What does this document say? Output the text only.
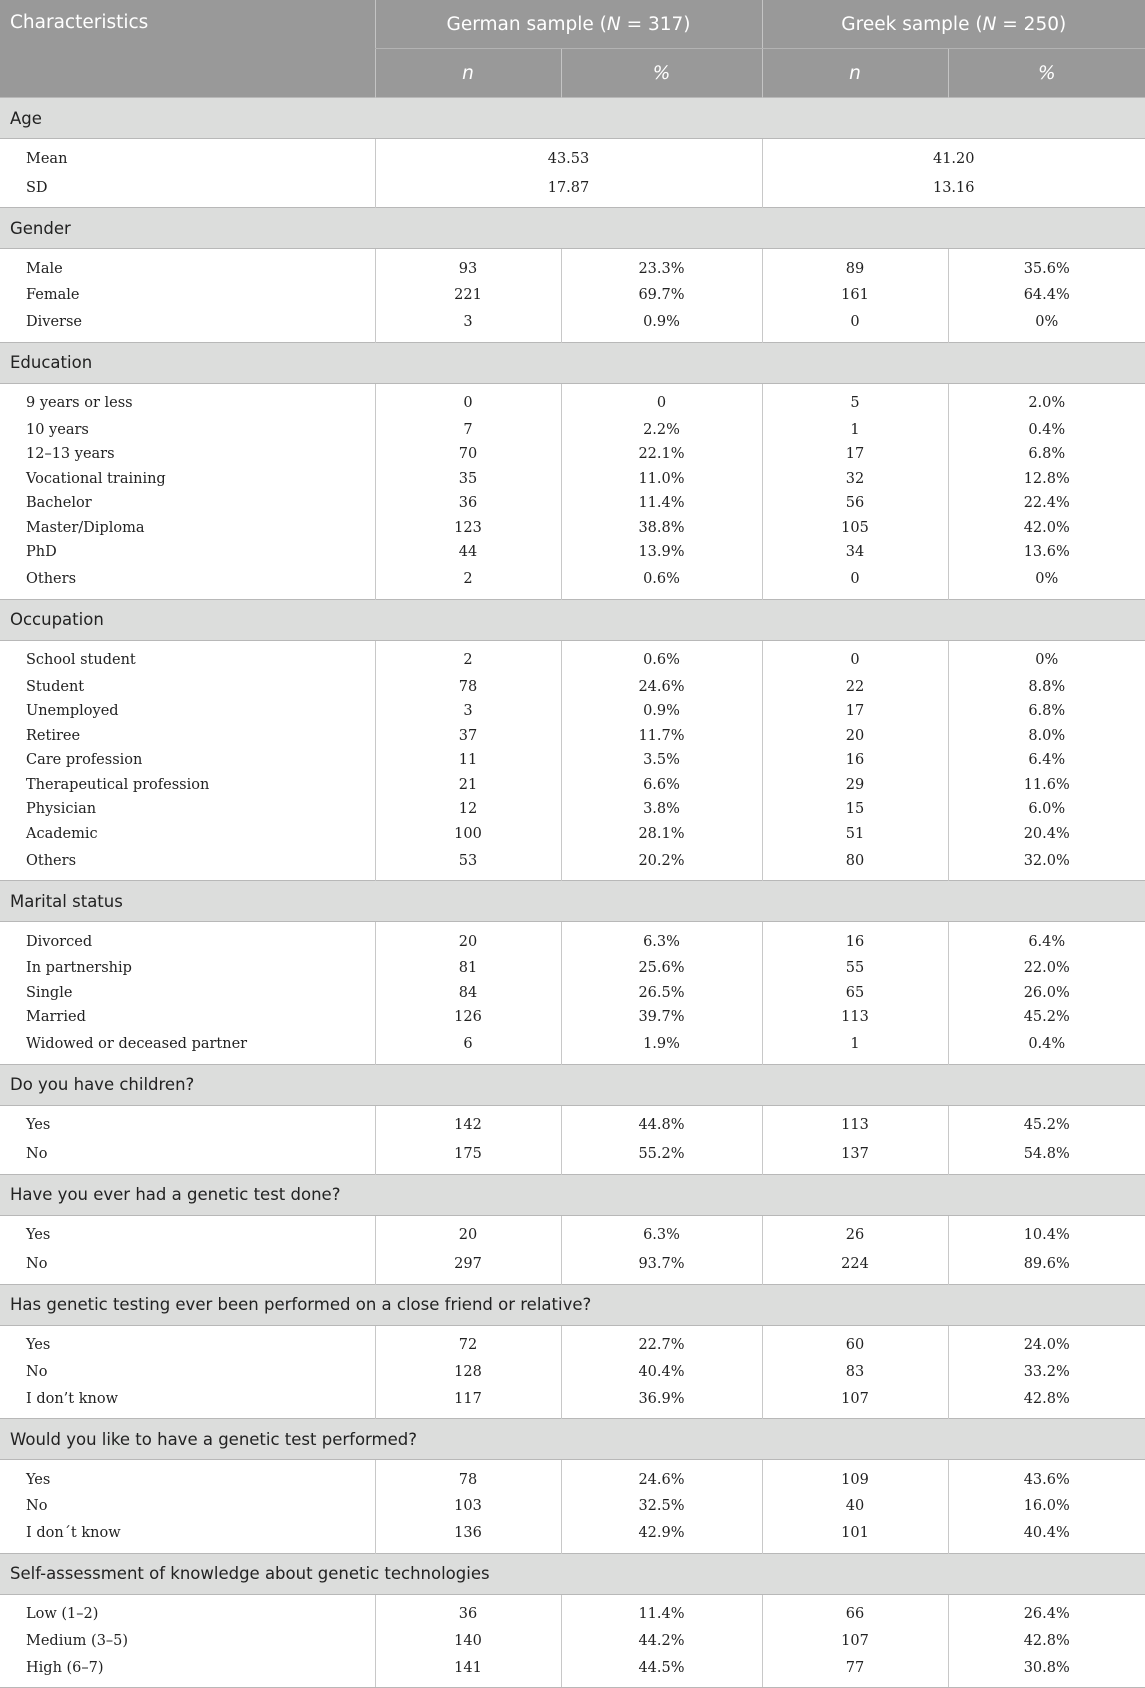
Characteristics	German sample (N = 317)		Greek sample (N = 250)	
	n	%	n	%
Age				
Mean	43.53		41.20	
SD	17.87		13.16	
Gender				
Male	93	23.3%	89	35.6%
Female	221	69.7%	161	64.4%
Diverse	3	0.9%	0	0%
Education				
9 years or less	0	0	5	2.0%
10 years	7	2.2%	1	0.4%
12–13 years	70	22.1%	17	6.8%
Vocational training	35	11.0%	32	12.8%
Bachelor	36	11.4%	56	22.4%
Master/Diploma	123	38.8%	105	42.0%
PhD	44	13.9%	34	13.6%
Others	2	0.6%	0	0%
Occupation				
School student	2	0.6%	0	0%
Student	78	24.6%	22	8.8%
Unemployed	3	0.9%	17	6.8%
Retiree	37	11.7%	20	8.0%
Care profession	11	3.5%	16	6.4%
Therapeutical profession	21	6.6%	29	11.6%
Physician	12	3.8%	15	6.0%
Academic	100	28.1%	51	20.4%
Others	53	20.2%	80	32.0%
Marital status				
Divorced	20	6.3%	16	6.4%
In partnership	81	25.6%	55	22.0%
Single	84	26.5%	65	26.0%
Married	126	39.7%	113	45.2%
Widowed or deceased partner	6	1.9%	1	0.4%
Do you have children?				
Yes	142	44.8%	113	45.2%
No	175	55.2%	137	54.8%
Have you ever had a genetic test done?				
Yes	20	6.3%	26	10.4%
No	297	93.7%	224	89.6%
Has genetic testing ever been performed on a close friend or relative?				
Yes	72	22.7%	60	24.0%
No	128	40.4%	83	33.2%
I don’t know	117	36.9%	107	42.8%
Would you like to have a genetic test performed?				
Yes	78	24.6%	109	43.6%
No	103	32.5%	40	16.0%
I don´t know	136	42.9%	101	40.4%
Self-assessment of knowledge about genetic technologies				
Low (1–2)	36	11.4%	66	26.4%
Medium (3–5)	140	44.2%	107	42.8%
High (6–7)	141	44.5%	77	30.8%
